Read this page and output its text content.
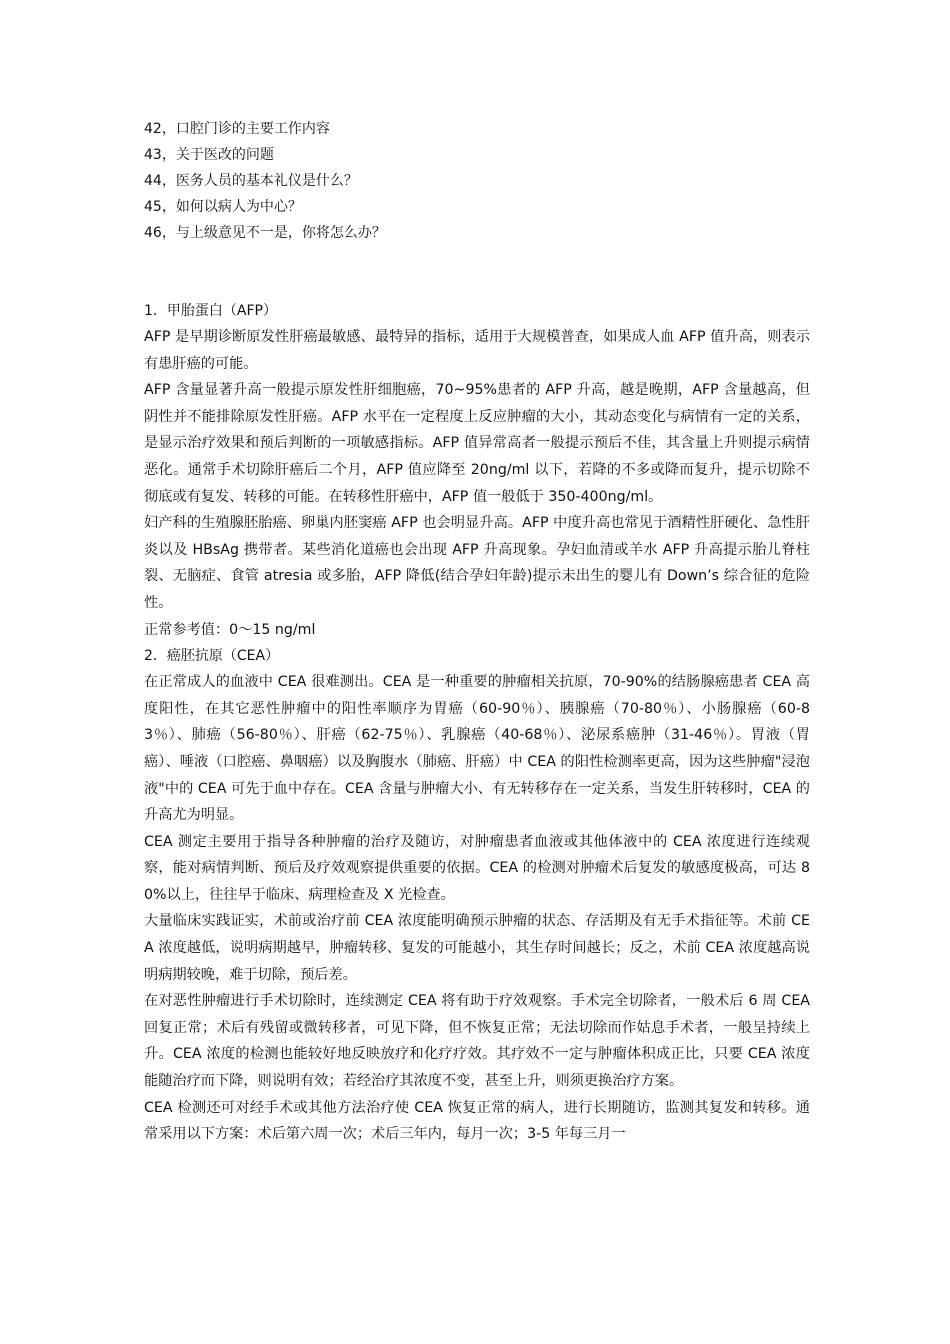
42，口腔门诊的主要工作内容
43，关于医改的问题
44，医务人员的基本礼仪是什么？
45，如何以病人为中心？
46，与上级意见不一是，你将怎么办？
1．甲胎蛋白（AFP）

AFP 是早期诊断原发性肝癌最敏感、最特异的指标，适用于大规模普查，如果成人血 AFP 值升高，则表示有患肝癌的可能。

AFP 含量显著升高一般提示原发性肝细胞癌，70~95%患者的 AFP 升高，越是晚期，AFP 含量越高，但阴性并不能排除原发性肝癌。AFP 水平在一定程度上反应肿瘤的大小，其动态变化与病情有一定的关系，是显示治疗效果和预后判断的一项敏感指标。AFP 值异常高者一般提示预后不佳，其含量上升则提示病情恶化。通常手术切除肝癌后二个月，AFP 值应降至 20ng/ml 以下，若降的不多或降而复升，提示切除不彻底或有复发、转移的可能。在转移性肝癌中，AFP 值一般低于 350-400ng/ml。

妇产科的生殖腺胚胎癌、卵巢内胚窦癌 AFP 也会明显升高。AFP 中度升高也常见于酒精性肝硬化、急性肝炎以及 HBsAg 携带者。某些消化道癌也会出现 AFP 升高现象。孕妇血清或羊水 AFP 升高提示胎儿脊柱裂、无脑症、食管 atresia 或多胎，AFP 降低(结合孕妇年龄)提示未出生的婴儿有 Down’s 综合征的危险性。

正常参考值：0～15 ng/ml

2．癌胚抗原（CEA）

在正常成人的血液中 CEA 很难测出。CEA 是一种重要的肿瘤相关抗原，70-90%的结肠腺癌患者 CEA 高度阳性，在其它恶性肿瘤中的阳性率顺序为胃癌（60-90％）、胰腺癌（70-80％）、小肠腺癌（60-83％）、肺癌（56-80％）、肝癌（62-75％）、乳腺癌（40-68％）、泌尿系癌肿（31-46％）。胃液（胃癌）、唾液（口腔癌、鼻咽癌）以及胸腹水（肺癌、肝癌）中 CEA 的阳性检测率更高，因为这些肿瘤"浸泡液"中的 CEA 可先于血中存在。CEA 含量与肿瘤大小、有无转移存在一定关系，当发生肝转移时，CEA 的升高尤为明显。

CEA 测定主要用于指导各种肿瘤的治疗及随访，对肿瘤患者血液或其他体液中的 CEA 浓度进行连续观察，能对病情判断、预后及疗效观察提供重要的依据。CEA 的检测对肿瘤术后复发的敏感度极高，可达 80%以上，往往早于临床、病理检查及 X 光检查。

大量临床实践证实，术前或治疗前 CEA 浓度能明确预示肿瘤的状态、存活期及有无手术指征等。术前 CEA 浓度越低，说明病期越早，肿瘤转移、复发的可能越小，其生存时间越长；反之，术前 CEA 浓度越高说明病期较晚，难于切除，预后差。

在对恶性肿瘤进行手术切除时，连续测定 CEA 将有助于疗效观察。手术完全切除者，一般术后 6 周 CEA 回复正常；术后有残留或微转移者，可见下降，但不恢复正常；无法切除而作姑息手术者，一般呈持续上升。CEA 浓度的检测也能较好地反映放疗和化疗疗效。其疗效不一定与肿瘤体积成正比，只要 CEA 浓度能随治疗而下降，则说明有效；若经治疗其浓度不变，甚至上升，则须更换治疗方案。

CEA 检测还可对经手术或其他方法治疗使 CEA 恢复正常的病人，进行长期随访，监测其复发和转移。通常采用以下方案：术后第六周一次；术后三年内，每月一次；3-5 年每三月一
